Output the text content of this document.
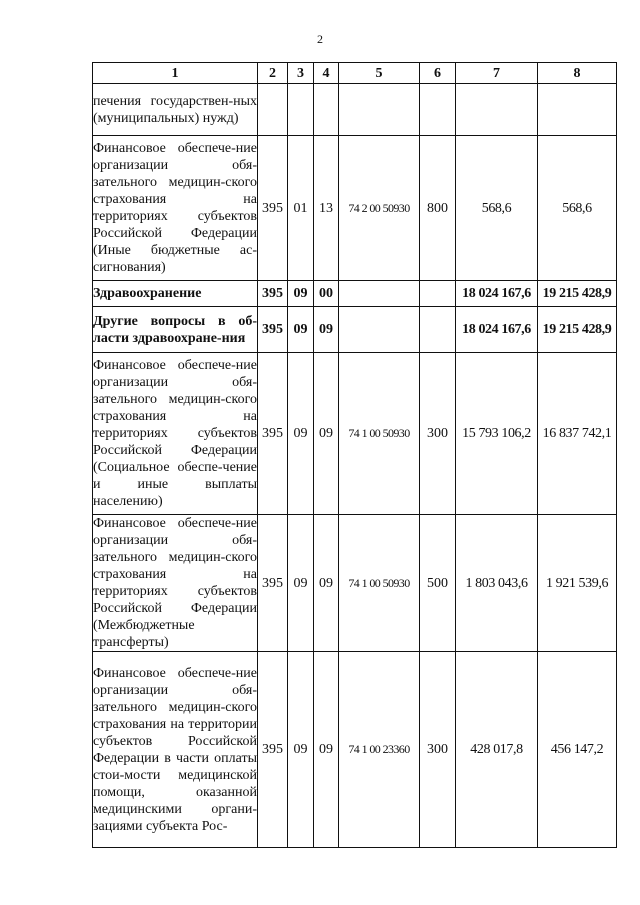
2
1	2	3	4	5	6	7	8
печения государствен-ных (муниципальных) нужд)							
Финансовое обеспече-ние организации обя-зательного медицин-ского страхования на территориях субъектов Российской Федерации (Иные бюджетные ас-сигнования)	395	01	13	74 2 00 50930	800	568,6	568,6
Здравоохранение	395	09	00			18 024 167,6	19 215 428,9
Другие вопросы в об-ласти здравоохране-ния	395	09	09			18 024 167,6	19 215 428,9
Финансовое обеспече-ние организации обя-зательного медицин-ского страхования на территориях субъектов Российской Федерации (Социальное обеспе-чение и иные выплаты населению)	395	09	09	74 1 00 50930	300	15 793 106,2	16 837 742,1
Финансовое обеспече-ние организации обя-зательного медицин-ского страхования на территориях субъектов Российской Федерации (Межбюджетные трансферты)	395	09	09	74 1 00 50930	500	1 803 043,6	1 921 539,6
Финансовое обеспече-ние организации обя-зательного медицин-ского страхования на территории субъектов Российской Федерации в части оплаты стои-мости медицинской помощи, оказанной медицинскими органи-зациями субъекта Рос-	395	09	09	74 1 00 23360	300	428 017,8	456 147,2
